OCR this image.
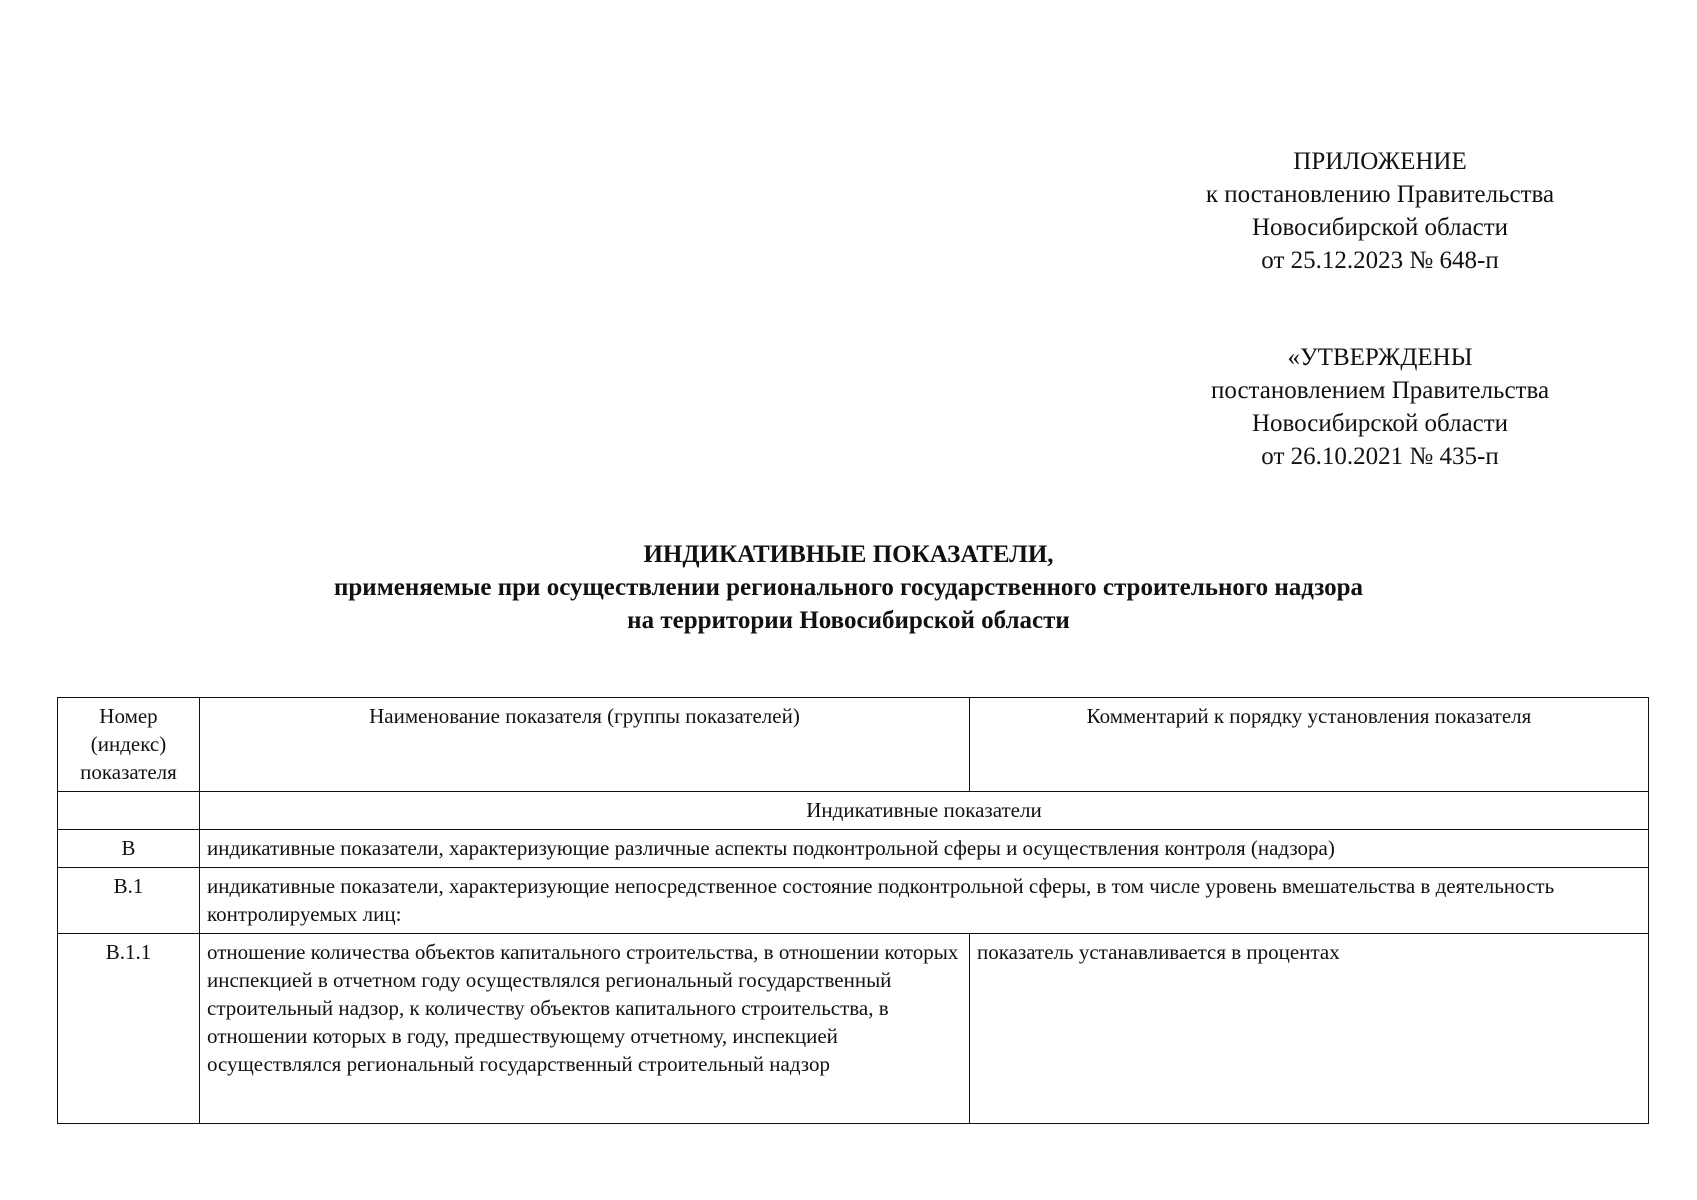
ПРИЛОЖЕНИЕ
к постановлению Правительства
Новосибирской области
от 25.12.2023 № 648-п
«УТВЕРЖДЕНЫ
постановлением Правительства
Новосибирской области
от 26.10.2021 № 435-п
ИНДИКАТИВНЫЕ ПОКАЗАТЕЛИ,
применяемые при осуществлении регионального государственного строительного надзора
на территории Новосибирской области
Номер (индекс) показателя	Наименование показателя (группы показателей)	Комментарий к порядку установления показателя
	Индикативные показатели	
В	индикативные показатели, характеризующие различные аспекты подконтрольной сферы и осуществления контроля (надзора)	
В.1	индикативные показатели, характеризующие непосредственное состояние подконтрольной сферы, в том числе уровень вмешательства в деятельность контролируемых лиц:	
В.1.1	отношение количества объектов капитального строительства, в отношении которых инспекцией в отчетном году осуществлялся региональный государственный строительный надзор, к количеству объектов капитального строительства, в отношении которых в году, предшествующему отчетному, инспекцией осуществлялся региональный государственный строительный надзор	показатель устанавливается в процентах
